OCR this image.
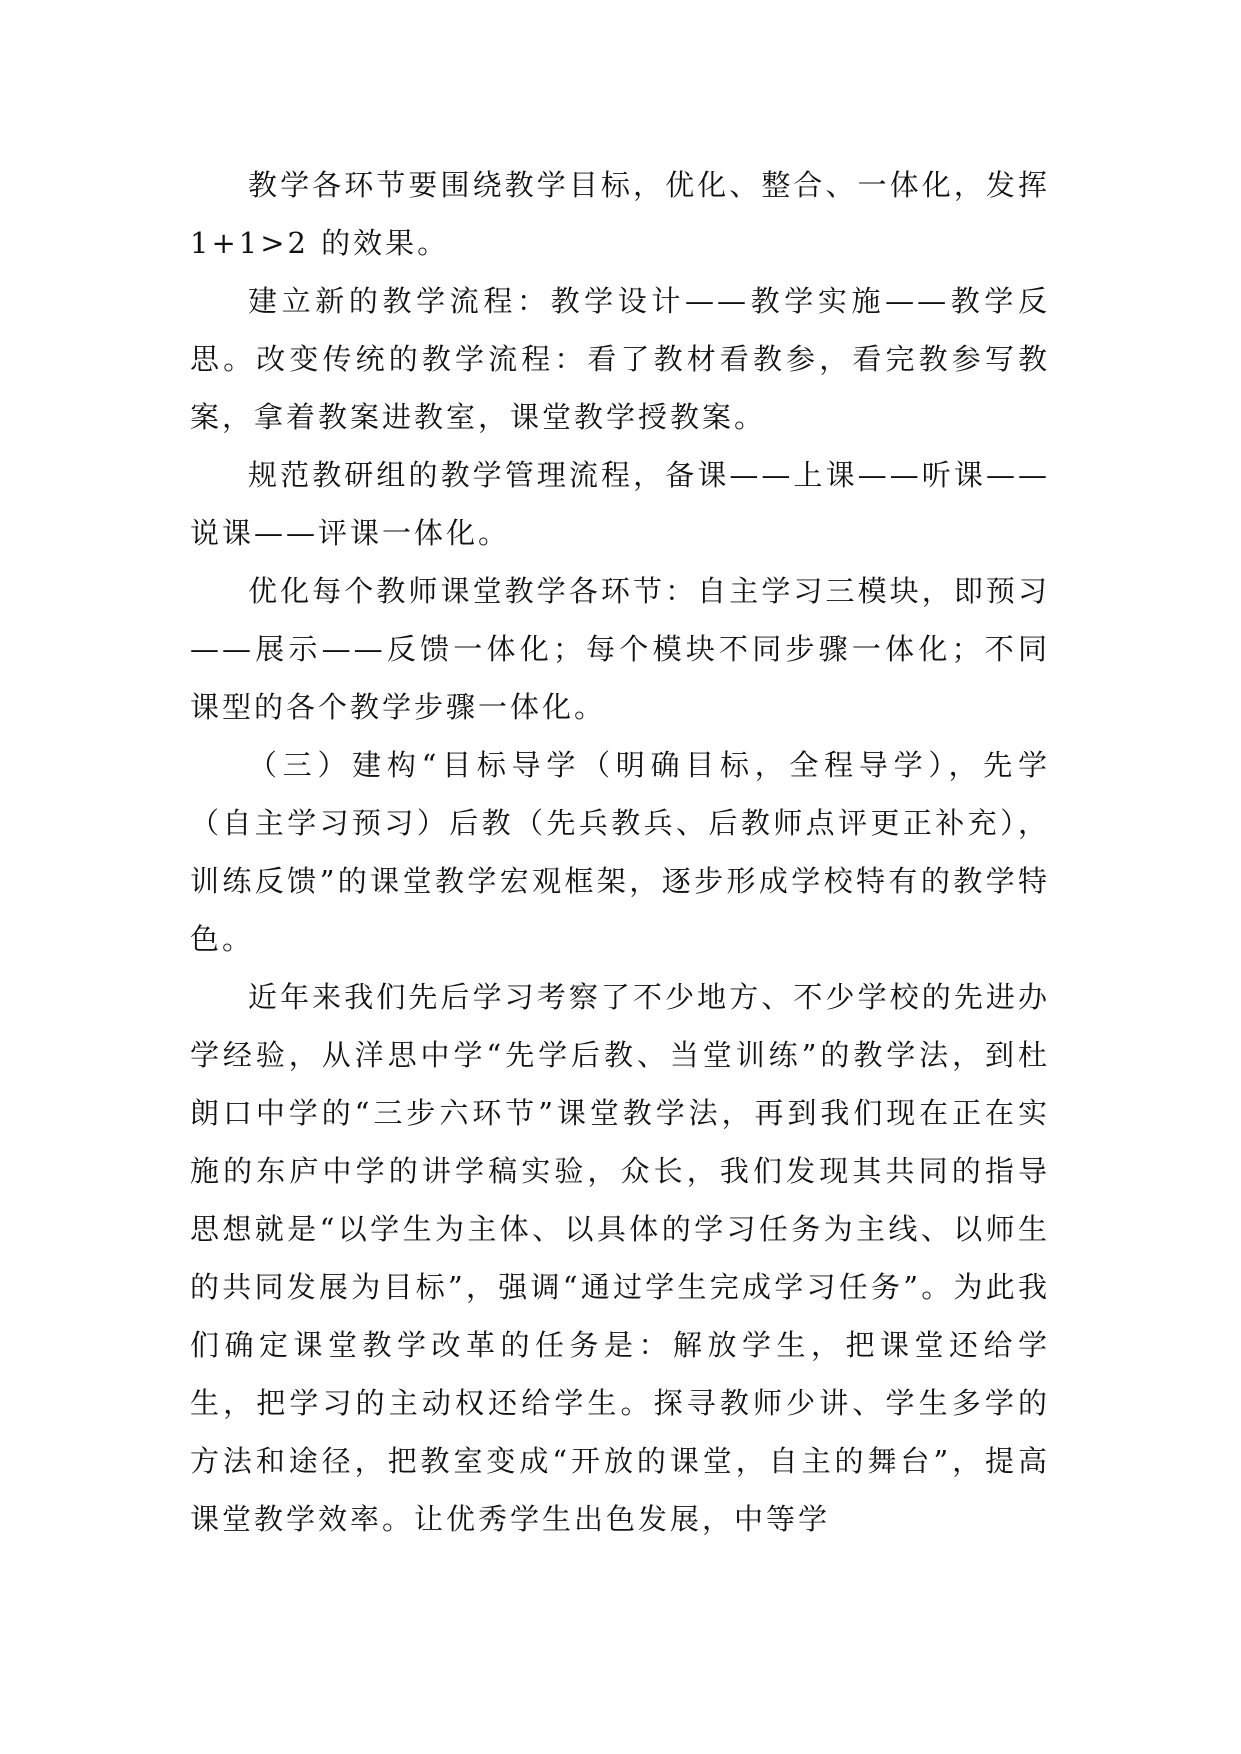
教学各环节要围绕教学目标，优化、整合、一体化，发挥 1+1>2 的效果。

建立新的教学流程：教学设计——教学实施——教学反思。改变传统的教学流程：看了教材看教参，看完教参写教案，拿着教案进教室，课堂教学授教案。

规范教研组的教学管理流程，备课——上课——听课——说课——评课一体化。

优化每个教师课堂教学各环节：自主学习三模块，即预习——展示——反馈一体化；每个模块不同步骤一体化；不同课型的各个教学步骤一体化。

（三）建构“目标导学（明确目标，全程导学），先学（自主学习预习）后教（先兵教兵、后教师点评更正补充），训练反馈”的课堂教学宏观框架，逐步形成学校特有的教学特色。

近年来我们先后学习考察了不少地方、不少学校的先进办学经验，从洋思中学“先学后教、当堂训练”的教学法，到杜朗口中学的“三步六环节”课堂教学法，再到我们现在正在实施的东庐中学的讲学稿实验，众长，我们发现其共同的指导思想就是“以学生为主体、以具体的学习任务为主线、以师生的共同发展为目标”，强调“通过学生完成学习任务”。为此我们确定课堂教学改革的任务是：解放学生，把课堂还给学生，把学习的主动权还给学生。探寻教师少讲、学生多学的方法和途径，把教室变成“开放的课堂，自主的舞台”，提高课堂教学效率。让优秀学生出色发展，中等学
